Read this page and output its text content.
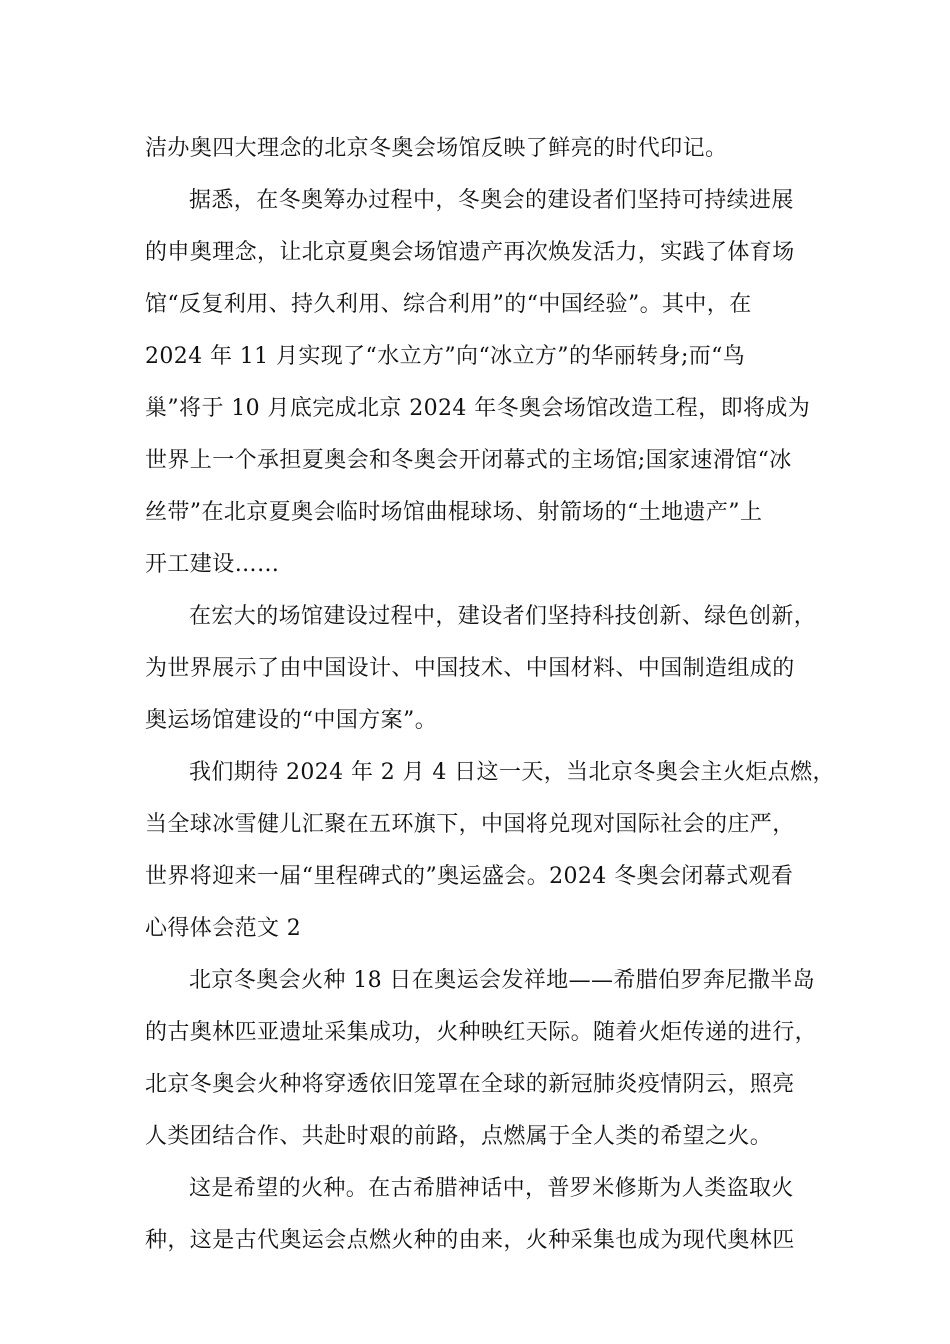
洁办奥四大理念的北京冬奥会场馆反映了鲜亮的时代印记。
据悉，在冬奥筹办过程中，冬奥会的建设者们坚持可持续进展
的申奥理念，让北京夏奥会场馆遗产再次焕发活力，实践了体育场
馆“反复利用、持久利用、综合利用”的“中国经验”。其中，在
2024 年 11 月实现了“水立方”向“冰立方”的华丽转身;而“鸟
巢”将于 10 月底完成北京 2024 年冬奥会场馆改造工程，即将成为
世界上一个承担夏奥会和冬奥会开闭幕式的主场馆;国家速滑馆“冰
丝带”在北京夏奥会临时场馆曲棍球场、射箭场的“土地遗产”上
开工建设……
在宏大的场馆建设过程中，建设者们坚持科技创新、绿色创新，
为世界展示了由中国设计、中国技术、中国材料、中国制造组成的
奥运场馆建设的“中国方案”。
我们期待 2024 年 2 月 4 日这一天，当北京冬奥会主火炬点燃，
当全球冰雪健儿汇聚在五环旗下，中国将兑现对国际社会的庄严，
世界将迎来一届“里程碑式的”奥运盛会。2024 冬奥会闭幕式观看
心得体会范文 2
北京冬奥会火种 18 日在奥运会发祥地——希腊伯罗奔尼撒半岛
的古奥林匹亚遗址采集成功，火种映红天际。随着火炬传递的进行，
北京冬奥会火种将穿透依旧笼罩在全球的新冠肺炎疫情阴云，照亮
人类团结合作、共赴时艰的前路，点燃属于全人类的希望之火。
这是希望的火种。在古希腊神话中，普罗米修斯为人类盗取火
种，这是古代奥运会点燃火种的由来，火种采集也成为现代奥林匹
